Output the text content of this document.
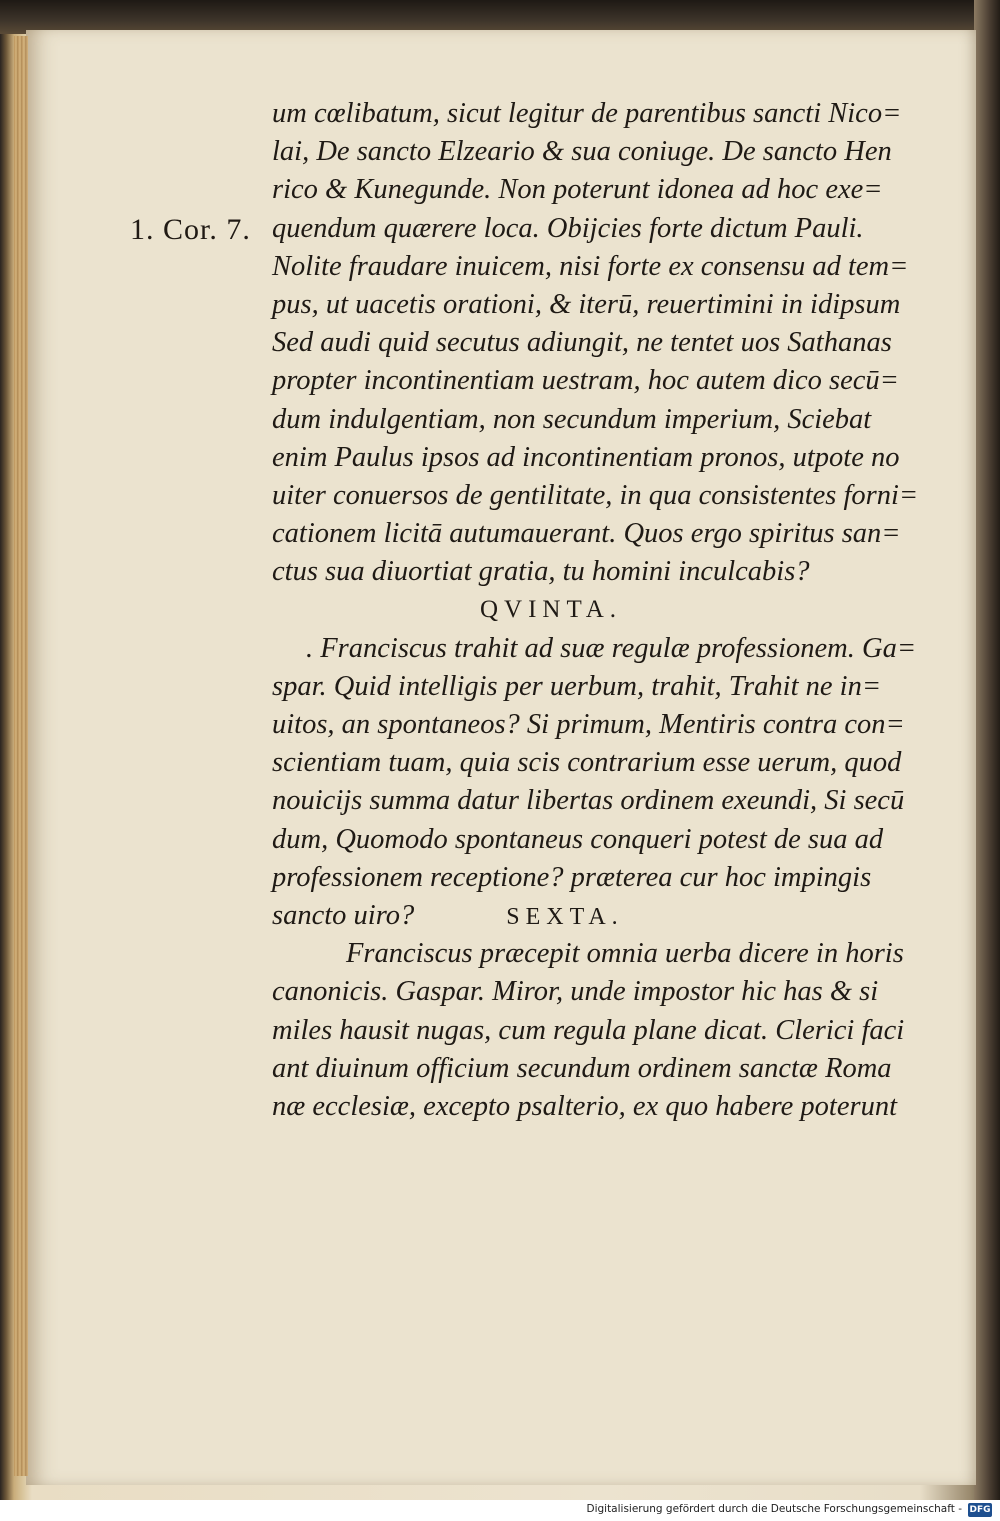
1. Cor. 7.
um cœlibatum, sicut legitur de parentibus sancti Nico=
lai, De sancto Elzeario & sua coniuge. De sancto Hen
rico & Kunegunde. Non poterunt idonea ad hoc exe=
quendum quærere loca. Obijcies forte dictum Pauli.
Nolite fraudare inuicem, nisi forte ex consensu ad tem=
pus, ut uacetis orationi, & iterū, reuertimini in idipsum
Sed audi quid secutus adiungit, ne tentet uos Sathanas
propter incontinentiam uestram, hoc autem dico secū=
dum indulgentiam, non secundum imperium, Sciebat
enim Paulus ipsos ad incontinentiam pronos, utpote no
uiter conuersos de gentilitate, in qua consistentes forni=
cationem licitā autumauerant. Quos ergo spiritus san=
ctus sua diuortiat gratia, tu homini inculcabis?
QVINTA.
. Franciscus trahit ad suæ regulæ professionem. Ga=
spar. Quid intelligis per uerbum, trahit, Trahit ne in=
uitos, an spontaneos? Si primum, Mentiris contra con=
scientiam tuam, quia scis contrarium esse uerum, quod
nouicijs summa datur libertas ordinem exeundi, Si secū
dum, Quomodo spontaneus conqueri potest de sua ad
professionem receptione? præterea cur hoc impingis
sancto uiro?	SEXTA.
Franciscus præcepit omnia uerba dicere in horis
canonicis. Gaspar. Miror, unde impostor hic has & si
miles hausit nugas, cum regula plane dicat. Clerici faci
ant diuinum officium secundum ordinem sanctæ Roma
næ ecclesiæ, excepto psalterio, ex quo habere poterunt
Digitalisierung gefördert durch die Deutsche Forschungsgemeinschaft - DFG
